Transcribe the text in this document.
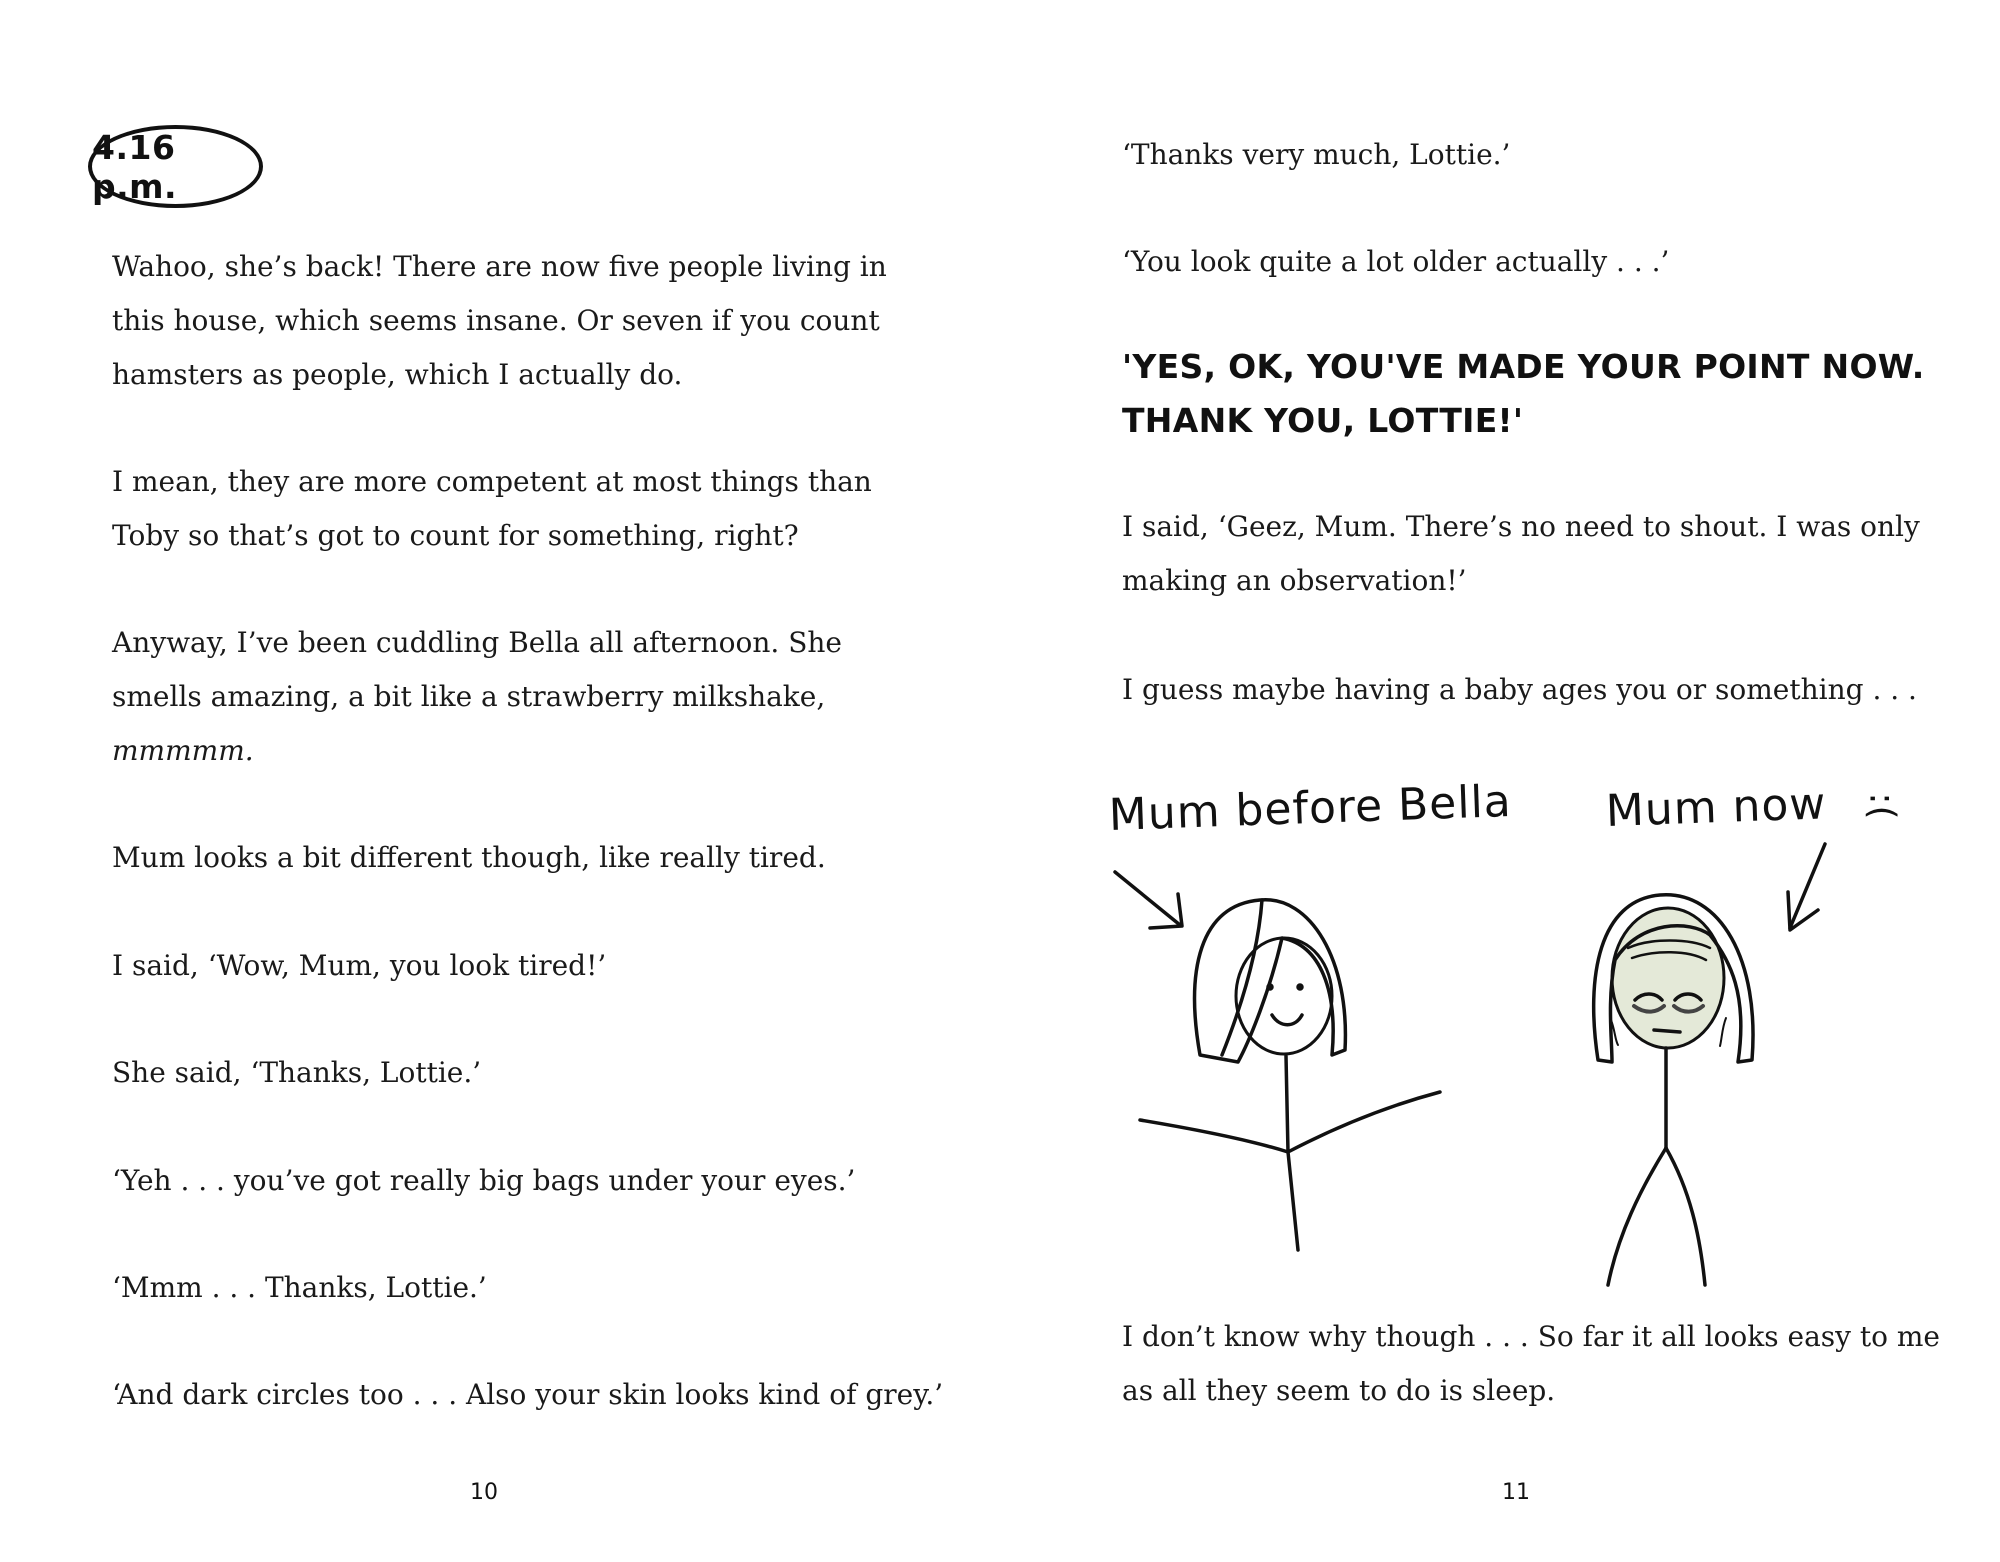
4.16 p.m.

Wahoo, she’s back! There are now five people living in
this house, which seems insane. Or seven if you count
hamsters as people, which I actually do.

I mean, they are more competent at most things than
Toby so that’s got to count for something, right?

Anyway, I’ve been cuddling Bella all afternoon. She
smells amazing, a bit like a strawberry milkshake,

mmmmm.

Mum looks a bit different though, like really tired.

I said, ‘Wow, Mum, you look tired!’

She said, ‘Thanks, Lottie.’

‘Yeh . . . you’ve got really big bags under your eyes.’

‘Mmm . . . Thanks, Lottie.’

‘And dark circles too . . . Also your skin looks kind of grey.’

10

‘Thanks very much, Lottie.’

‘You look quite a lot older actually . . .’

'YES, OK, YOU'VE MADE YOUR POINT NOW.
THANK YOU, LOTTIE!'

I said, ‘Geez, Mum. There’s no need to shout. I was only
making an observation!’

I guess maybe having a baby ages you or something . . .

Mum before Bella Mum now :(

I don’t know why though . . . So far it all looks easy to me
as all they seem to do is sleep.

11
